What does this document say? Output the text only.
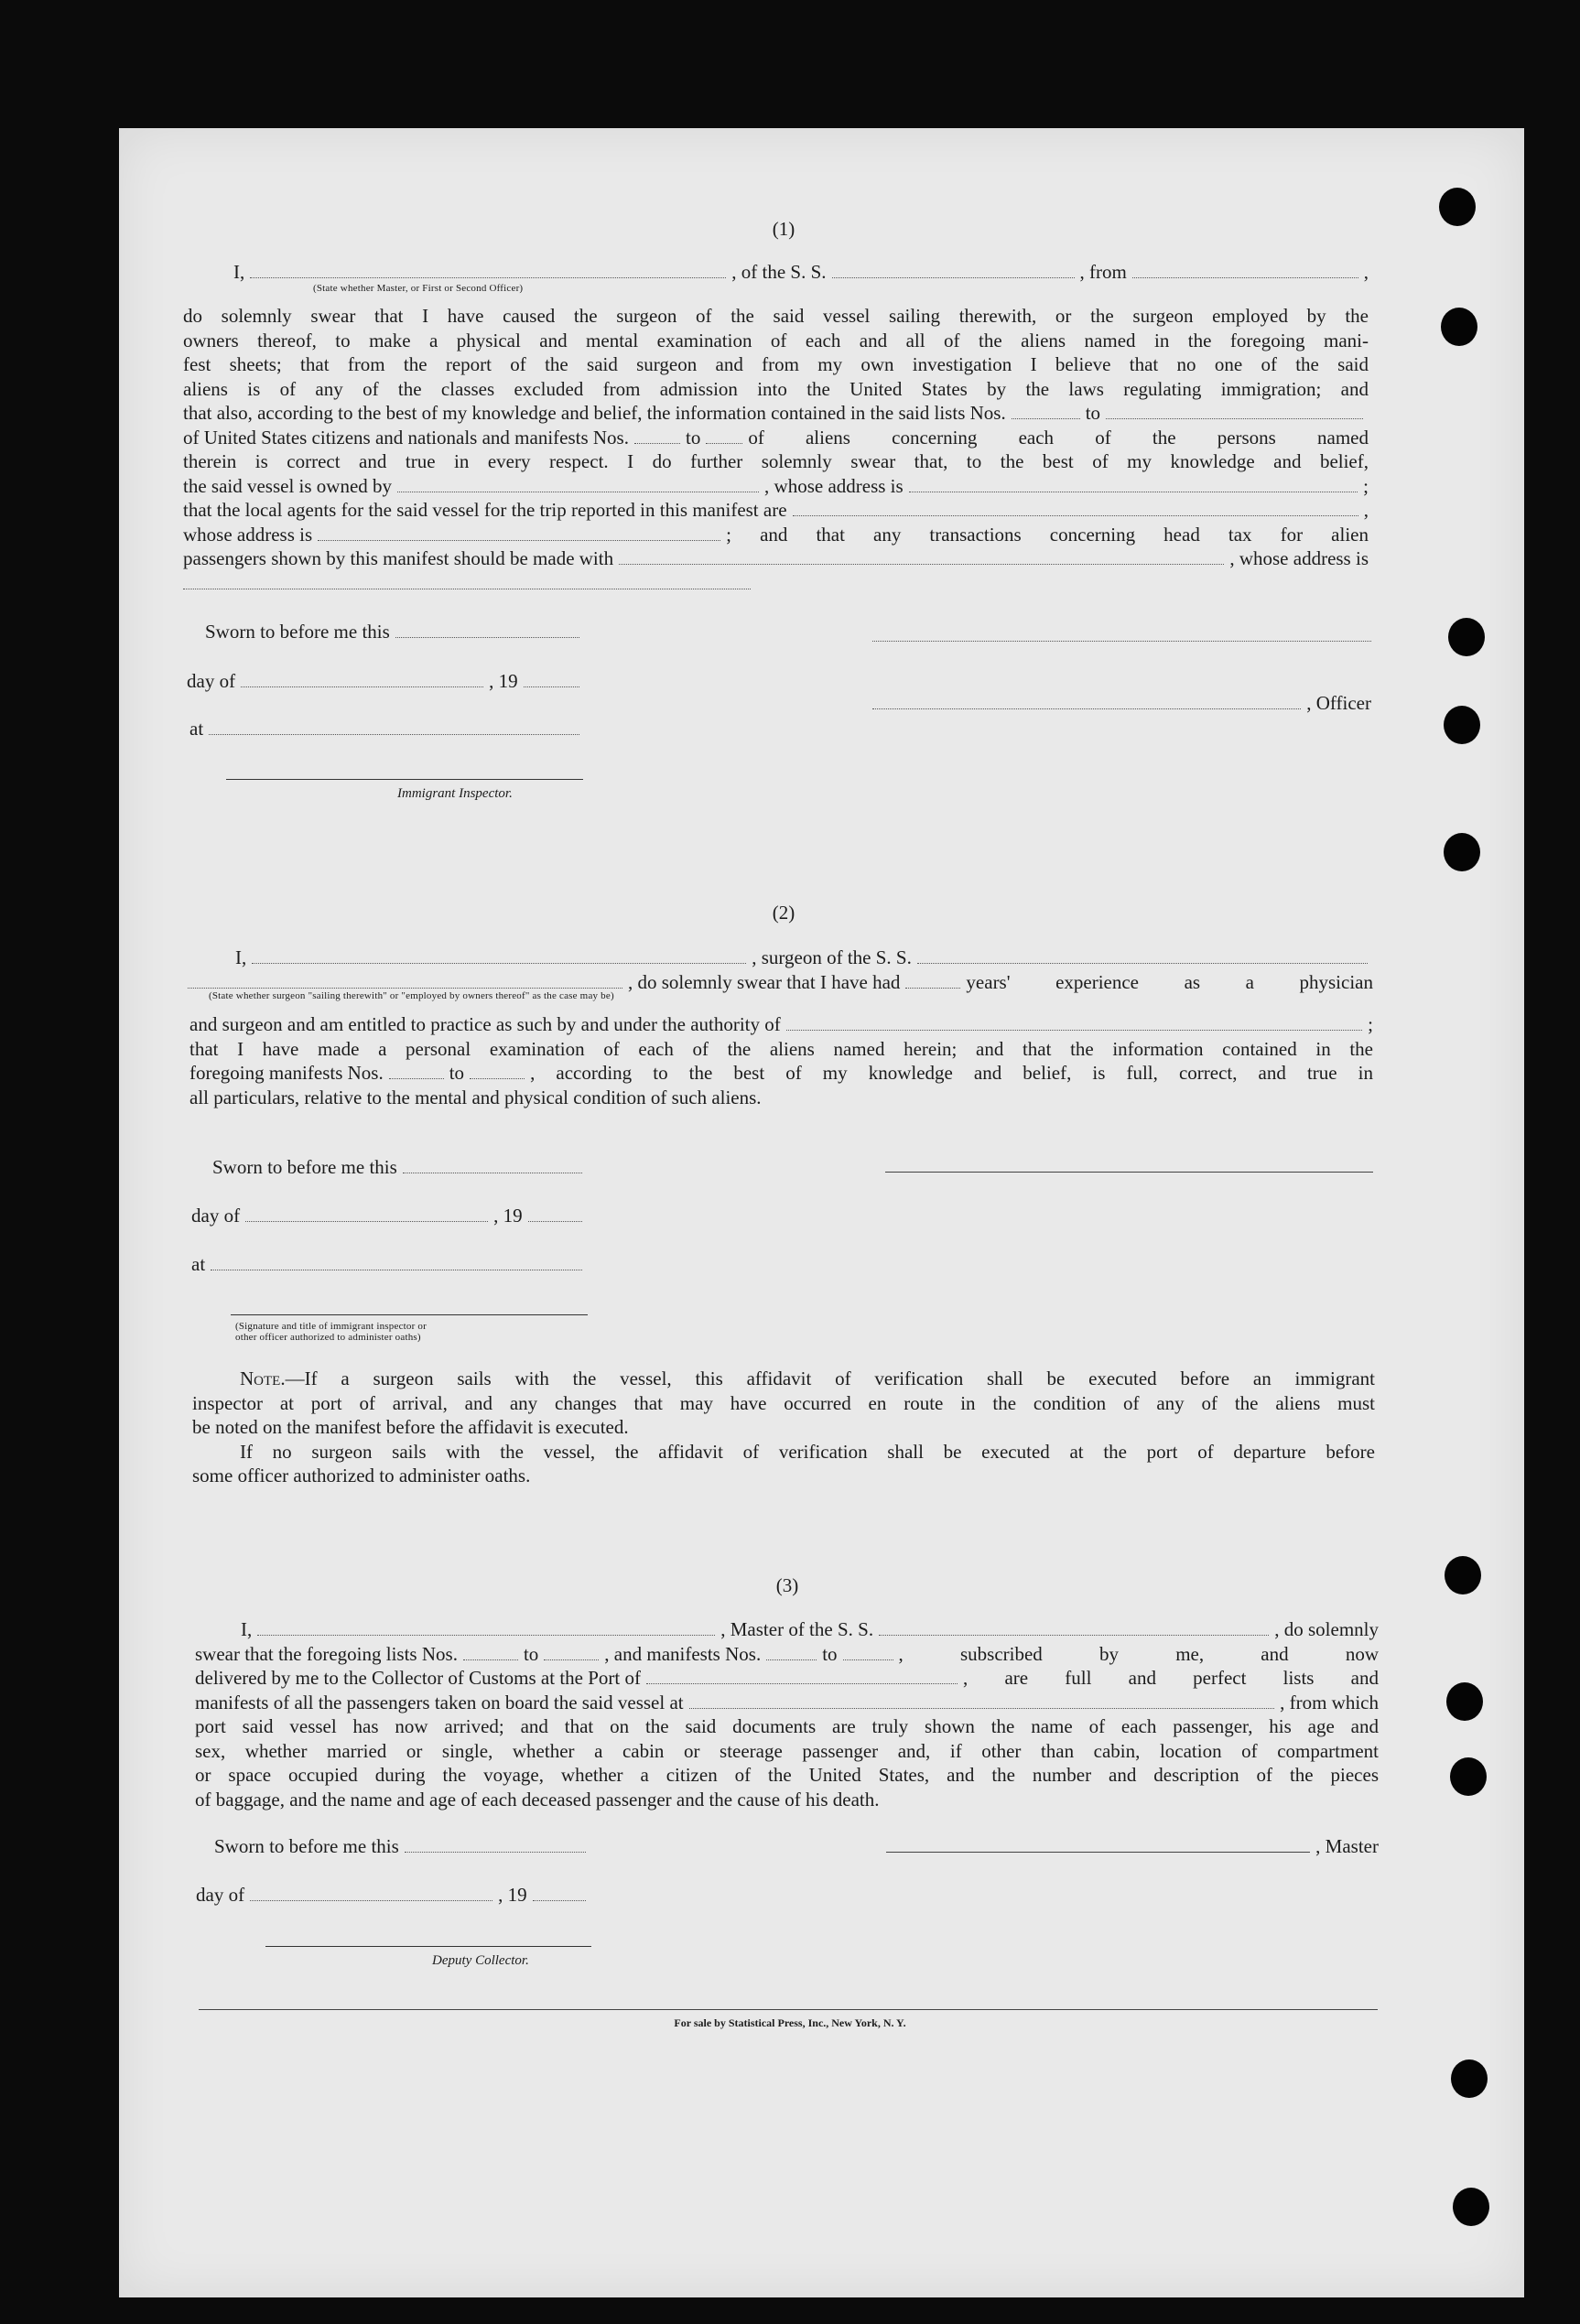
(1)
I,	, of the S. S.	, from	,
(State whether Master, or First or Second Officer)
do solemnly swear that I have caused the surgeon of the said vessel sailing therewith, or the surgeon employed by the
owners thereof, to make a physical and mental examination of each and all of the aliens named in the foregoing mani-
fest sheets; that from the report of the said surgeon and from my own investigation I believe that no one of the said
aliens is of any of the classes excluded from admission into the United States by the laws regulating immigration; and
that also, according to the best of my knowledge and belief, the information contained in the said lists Nos.	to
of United States citizens and nationals and manifests Nos.	to of aliens concerning each of the persons named
therein is correct and true in every respect. I do further solemnly swear that, to the best of my knowledge and belief,
the said vessel is owned by	, whose address is	;
that the local agents for the said vessel for the trip reported in this manifest are	,
whose address is	; and that any transactions concerning head tax for alien
passengers shown by this manifest should be made with	, whose address is
Sworn to before me this
day of	, 19
at
Immigrant Inspector.
, Officer
(2)
I,	, surgeon of the S. S.
, do solemnly swear that I have had	years' experience as a physician
(State whether surgeon "sailing therewith" or "employed by owners thereof" as the case may be)
and surgeon and am entitled to practice as such by and under the authority of	;
that I have made a personal examination of each of the aliens named herein; and that the information contained in the
foregoing manifests Nos.	to	, according to the best of my knowledge and belief, is full, correct, and true in
all particulars, relative to the mental and physical condition of such aliens.
Sworn to before me this
day of	, 19
at
(Signature and title of immigrant inspector or
other officer authorized to administer oaths)
Note. —If a surgeon sails with the vessel, this affidavit of verification shall be executed before an immigrant
inspector at port of arrival, and any changes that may have occurred en route in the condition of any of the aliens must
be noted on the manifest before the affidavit is executed.
If no surgeon sails with the vessel, the affidavit of verification shall be executed at the port of departure before
some officer authorized to administer oaths.
(3)
I,	, Master of the S. S.	, do solemnly
swear that the foregoing lists Nos.	to	, and manifests Nos.	to	, subscribed by me, and now
delivered by me to the Collector of Customs at the Port of	, are full and perfect lists and
manifests of all the passengers taken on board the said vessel at	, from which
port said vessel has now arrived; and that on the said documents are truly shown the name of each passenger, his age and
sex, whether married or single, whether a cabin or steerage passenger and, if other than cabin, location of compartment
or space occupied during the voyage, whether a citizen of the United States, and the number and description of the pieces
of baggage, and the name and age of each deceased passenger and the cause of his death.
Sworn to before me this	, Master
day of	, 19
Deputy Collector.
For sale by Statistical Press, Inc., New York, N. Y.
